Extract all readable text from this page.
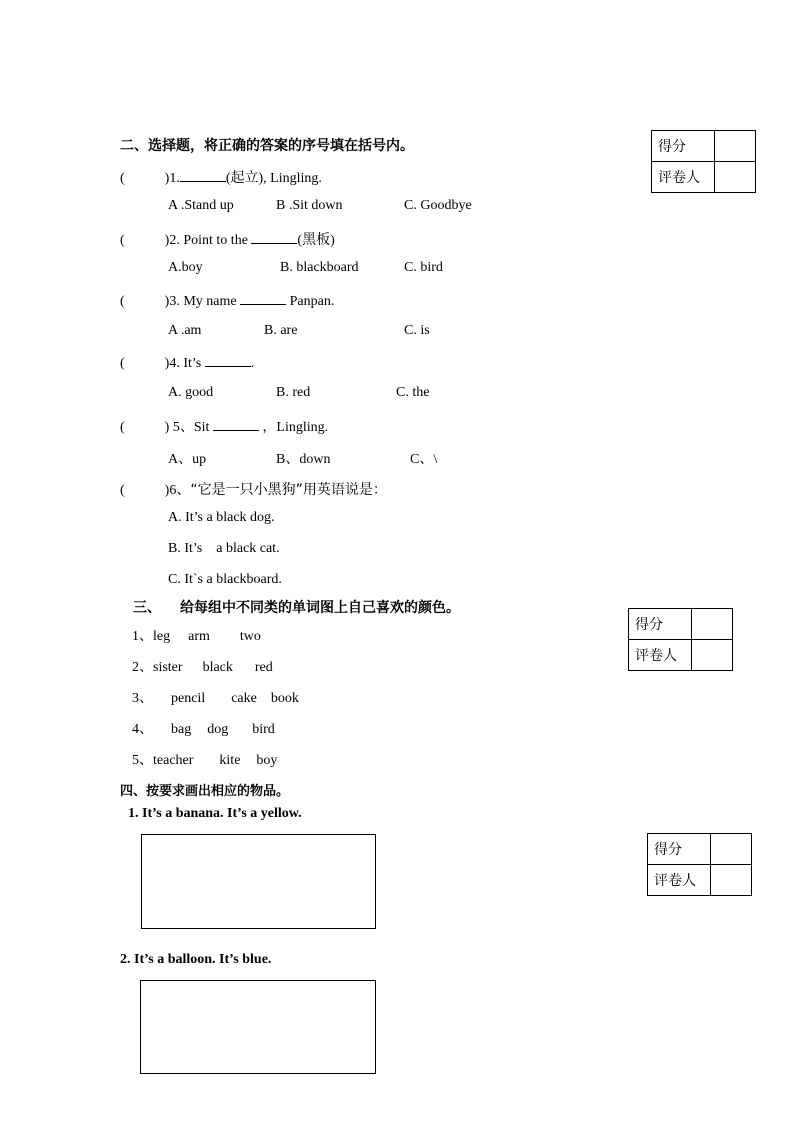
二、选择题，将正确的答案的序号填在括号内。	得分	
评卷人	
(	)1.	(起立), Lingling.
A .Stand up	B .Sit down	C. Goodbye
(	)2. Point to the	(黑板)
A.boy	B. blackboard	C. bird
(	)3. My name	Panpan.
A .am	B. are	C. is
(	)4. It’s	.
A. good	B. red	C. the
(	) 5、Sit	，Lingling.
A、up	B、down	C、\
(	)6、“它是一只小黑狗”用英语说是：
A. It’s a black dog.
B. It’s    a black cat.
C. It`s a blackboard.
三、 给每组中不同类的单词图上自己喜欢的颜色。
得分	
评卷人	
1、leg arm two
2、sister black red
3、 pencil cake book
4、 bag dog bird
5、teacher kite boy
四、按要求画出相应的物品。
1. It’s a banana. It’s a yellow.
得分	
评卷人	
2. It’s a balloon. It’s blue.
